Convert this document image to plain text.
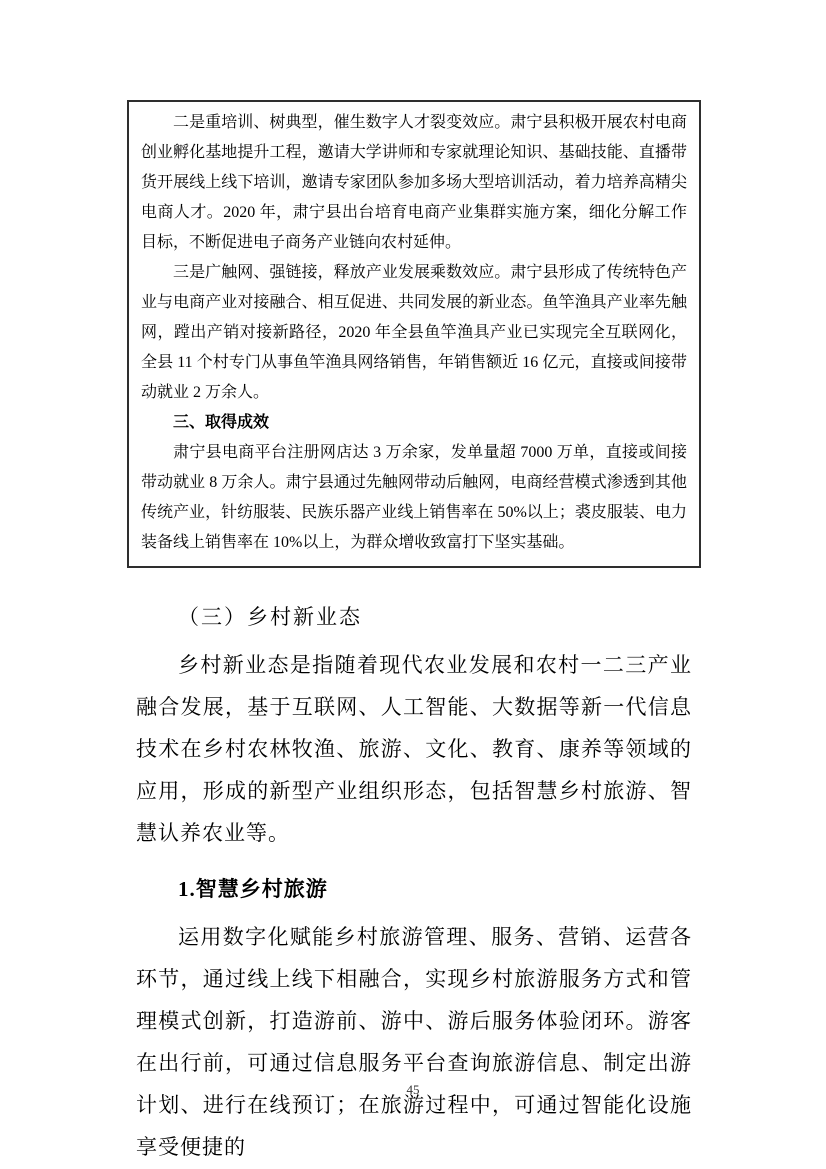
二是重培训、树典型，催生数字人才裂变效应。肃宁县积极开展农村电商创业孵化基地提升工程，邀请大学讲师和专家就理论知识、基础技能、直播带货开展线上线下培训，邀请专家团队参加多场大型培训活动，着力培养高精尖电商人才。2020 年，肃宁县出台培育电商产业集群实施方案，细化分解工作目标，不断促进电子商务产业链向农村延伸。

三是广触网、强链接，释放产业发展乘数效应。肃宁县形成了传统特色产业与电商产业对接融合、相互促进、共同发展的新业态。鱼竿渔具产业率先触网，蹚出产销对接新路径，2020 年全县鱼竿渔具产业已实现完全互联网化，全县 11 个村专门从事鱼竿渔具网络销售，年销售额近 16 亿元，直接或间接带动就业 2 万余人。

三、取得成效

肃宁县电商平台注册网店达 3 万余家，发单量超 7000 万单，直接或间接带动就业 8 万余人。肃宁县通过先触网带动后触网，电商经营模式渗透到其他传统产业，针纺服装、民族乐器产业线上销售率在 50%以上；裘皮服装、电力装备线上销售率在 10%以上，为群众增收致富打下坚实基础。

（三）乡村新业态

乡村新业态是指随着现代农业发展和农村一二三产业融合发展，基于互联网、人工智能、大数据等新一代信息技术在乡村农林牧渔、旅游、文化、教育、康养等领域的应用，形成的新型产业组织形态，包括智慧乡村旅游、智慧认养农业等。

1.智慧乡村旅游

运用数字化赋能乡村旅游管理、服务、营销、运营各环节，通过线上线下相融合，实现乡村旅游服务方式和管理模式创新，打造游前、游中、游后服务体验闭环。游客在出行前，可通过信息服务平台查询旅游信息、制定出游计划、进行在线预订；在旅游过程中，可通过智能化设施享受便捷的

45
